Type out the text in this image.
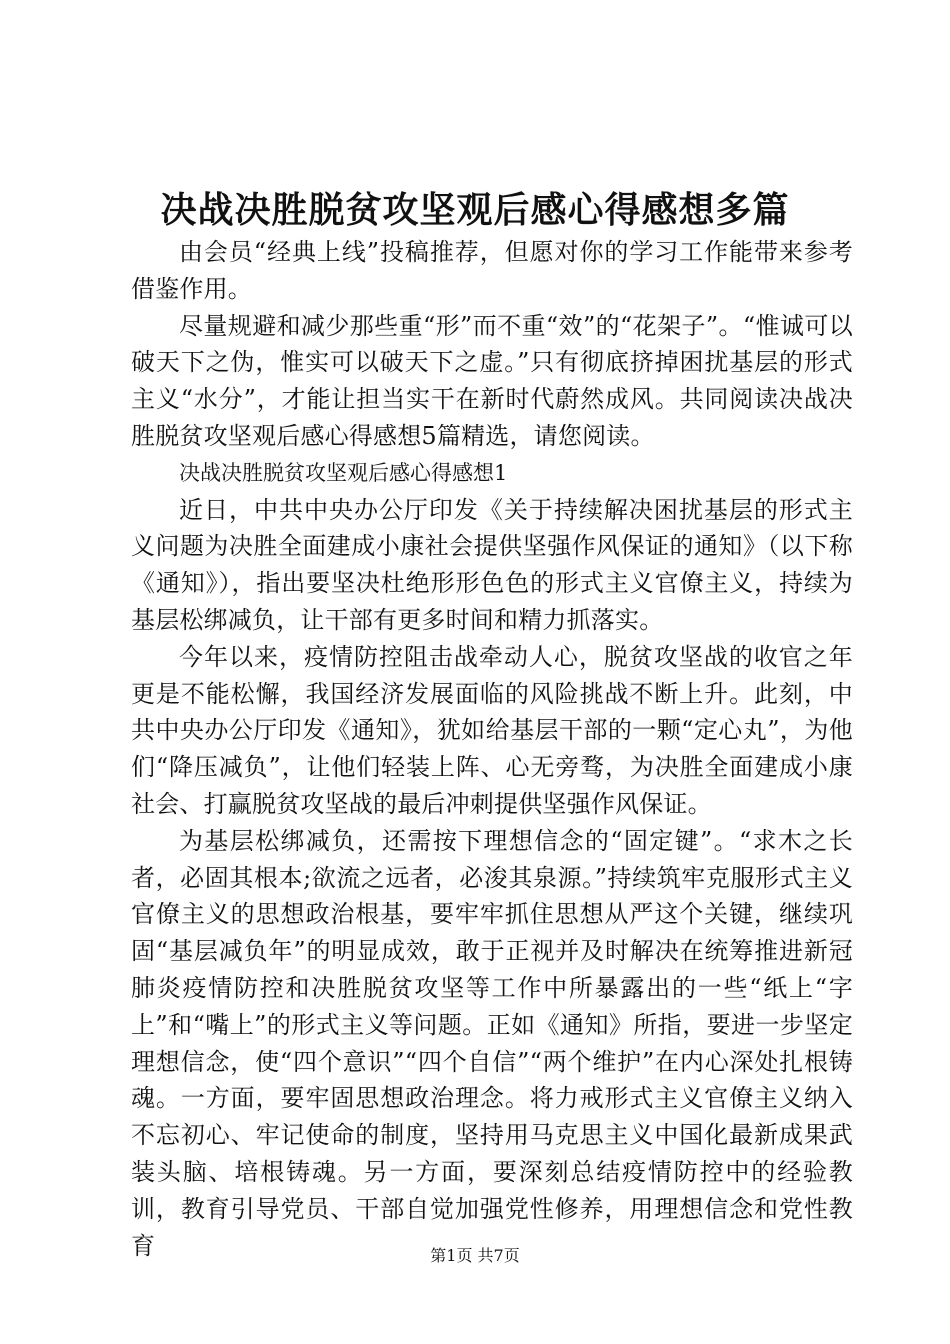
决战决胜脱贫攻坚观后感心得感想多篇

由会员“经典上线”投稿推荐，但愿对你的学习工作能带来参考借鉴作用。

尽量规避和减少那些重“形”而不重“效”的“花架子”。“惟诚可以破天下之伪，惟实可以破天下之虚。”只有彻底挤掉困扰基层的形式主义“水分”，才能让担当实干在新时代蔚然成风。共同阅读决战决胜脱贫攻坚观后感心得感想5篇精选，请您阅读。

决战决胜脱贫攻坚观后感心得感想1

近日，中共中央办公厅印发《关于持续解决困扰基层的形式主义问题为决胜全面建成小康社会提供坚强作风保证的通知》（以下称《通知》），指出要坚决杜绝形形色色的形式主义官僚主义，持续为基层松绑减负，让干部有更多时间和精力抓落实。

今年以来，疫情防控阻击战牵动人心，脱贫攻坚战的收官之年更是不能松懈，我国经济发展面临的风险挑战不断上升。此刻，中共中央办公厅印发《通知》，犹如给基层干部的一颗“定心丸”，为他们“降压减负”，让他们轻装上阵、心无旁骛，为决胜全面建成小康社会、打赢脱贫攻坚战的最后冲刺提供坚强作风保证。

为基层松绑减负，还需按下理想信念的“固定键”。“求木之长者，必固其根本;欲流之远者，必浚其泉源。”持续筑牢克服形式主义官僚主义的思想政治根基，要牢牢抓住思想从严这个关键，继续巩固“基层减负年”的明显成效，敢于正视并及时解决在统筹推进新冠肺炎疫情防控和决胜脱贫攻坚等工作中所暴露出的一些“纸上“字上”和“嘴上”的形式主义等问题。正如《通知》所指，要进一步坚定理想信念，使“四个意识”“四个自信”“两个维护”在内心深处扎根铸魂。一方面，要牢固思想政治理念。将力戒形式主义官僚主义纳入不忘初心、牢记使命的制度，坚持用马克思主义中国化最新成果武装头脑、培根铸魂。另一方面，要深刻总结疫情防控中的经验教训，教育引导党员、干部自觉加强党性修养，用理想信念和党性教育	第1页 共7页
